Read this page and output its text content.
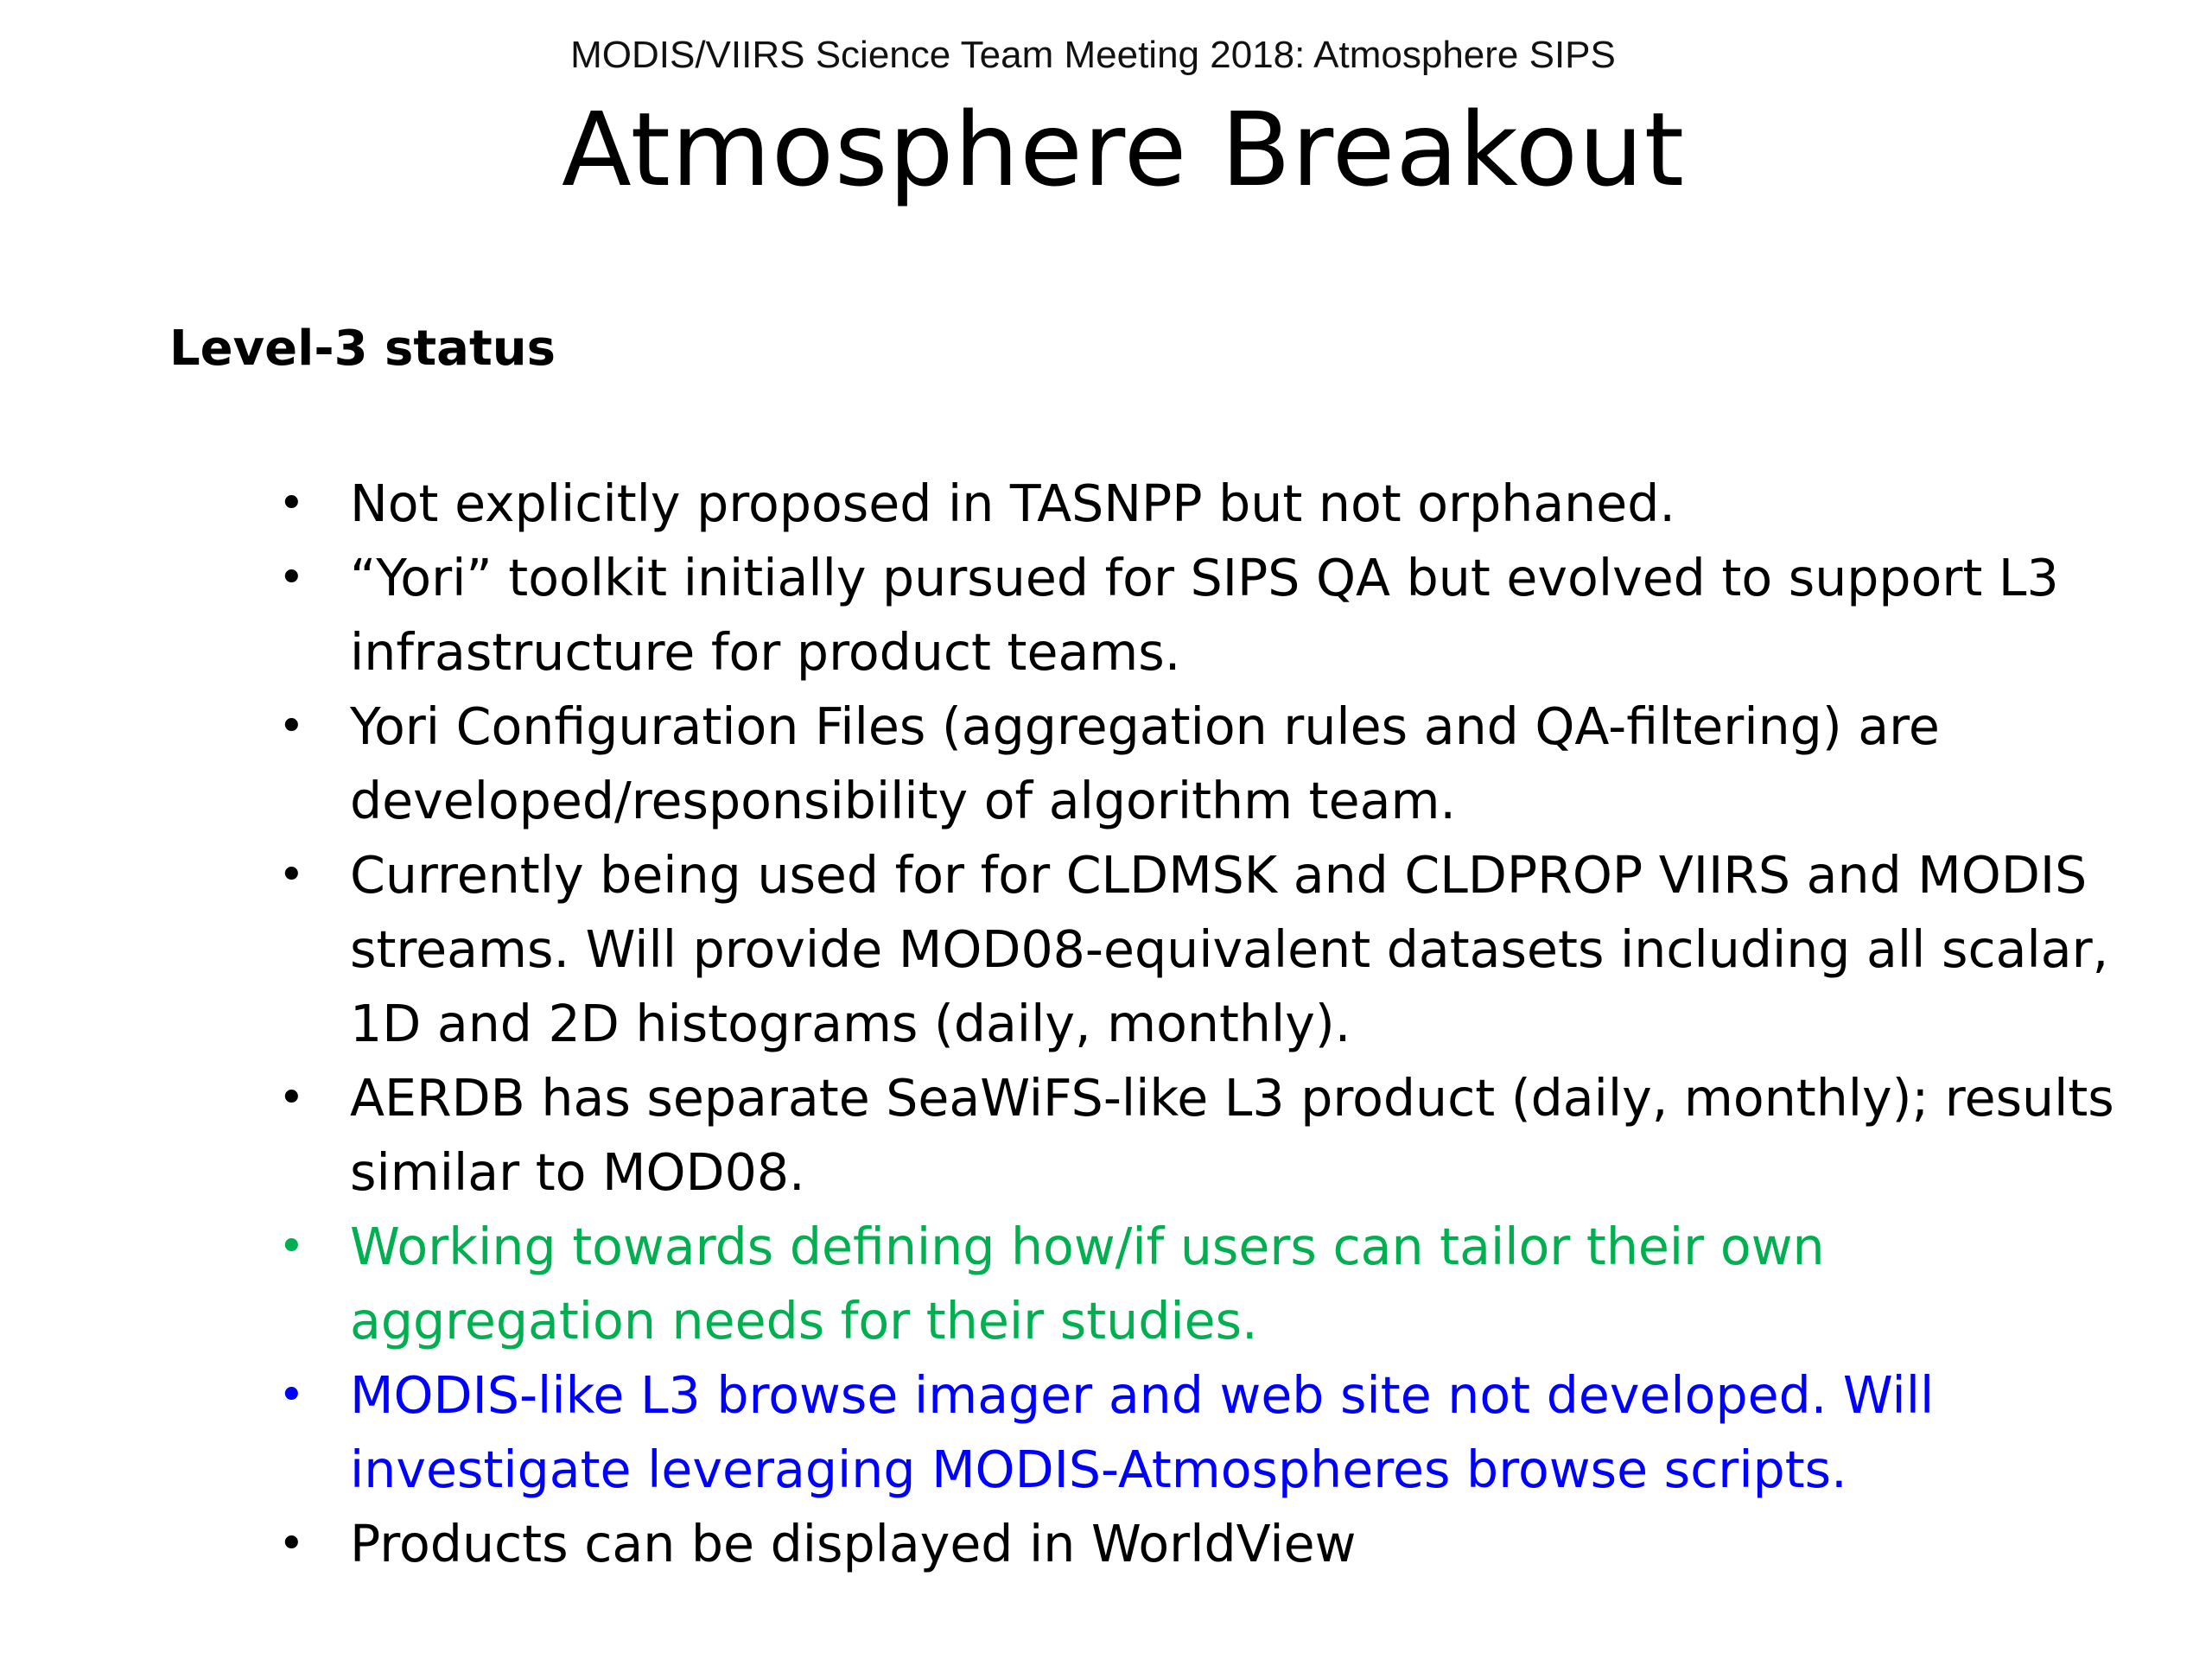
MODIS/VIIRS Science Team Meeting 2018: Atmosphere SIPS
Atmosphere Breakout
Level-3 status
• Not explicitly proposed in TASNPP but not orphaned.
• “Yori” toolkit initially pursued for SIPS QA but evolved to support L3 infrastructure for product teams.
• Yori Configuration Files (aggregation rules and QA-filtering) are developed/responsibility of algorithm team.
• Currently being used for for CLDMSK and CLDPROP VIIRS and MODIS streams. Will provide MOD08-equivalent datasets including all scalar, 1D and 2D histograms (daily, monthly).
• AERDB has separate SeaWiFS-like L3 product (daily, monthly); results similar to MOD08.
• Working towards defining how/if users can tailor their own aggregation needs for their studies.
• MODIS-like L3 browse imager and web site not developed. Will investigate leveraging MODIS-Atmospheres browse scripts.
• Products can be displayed in WorldView
